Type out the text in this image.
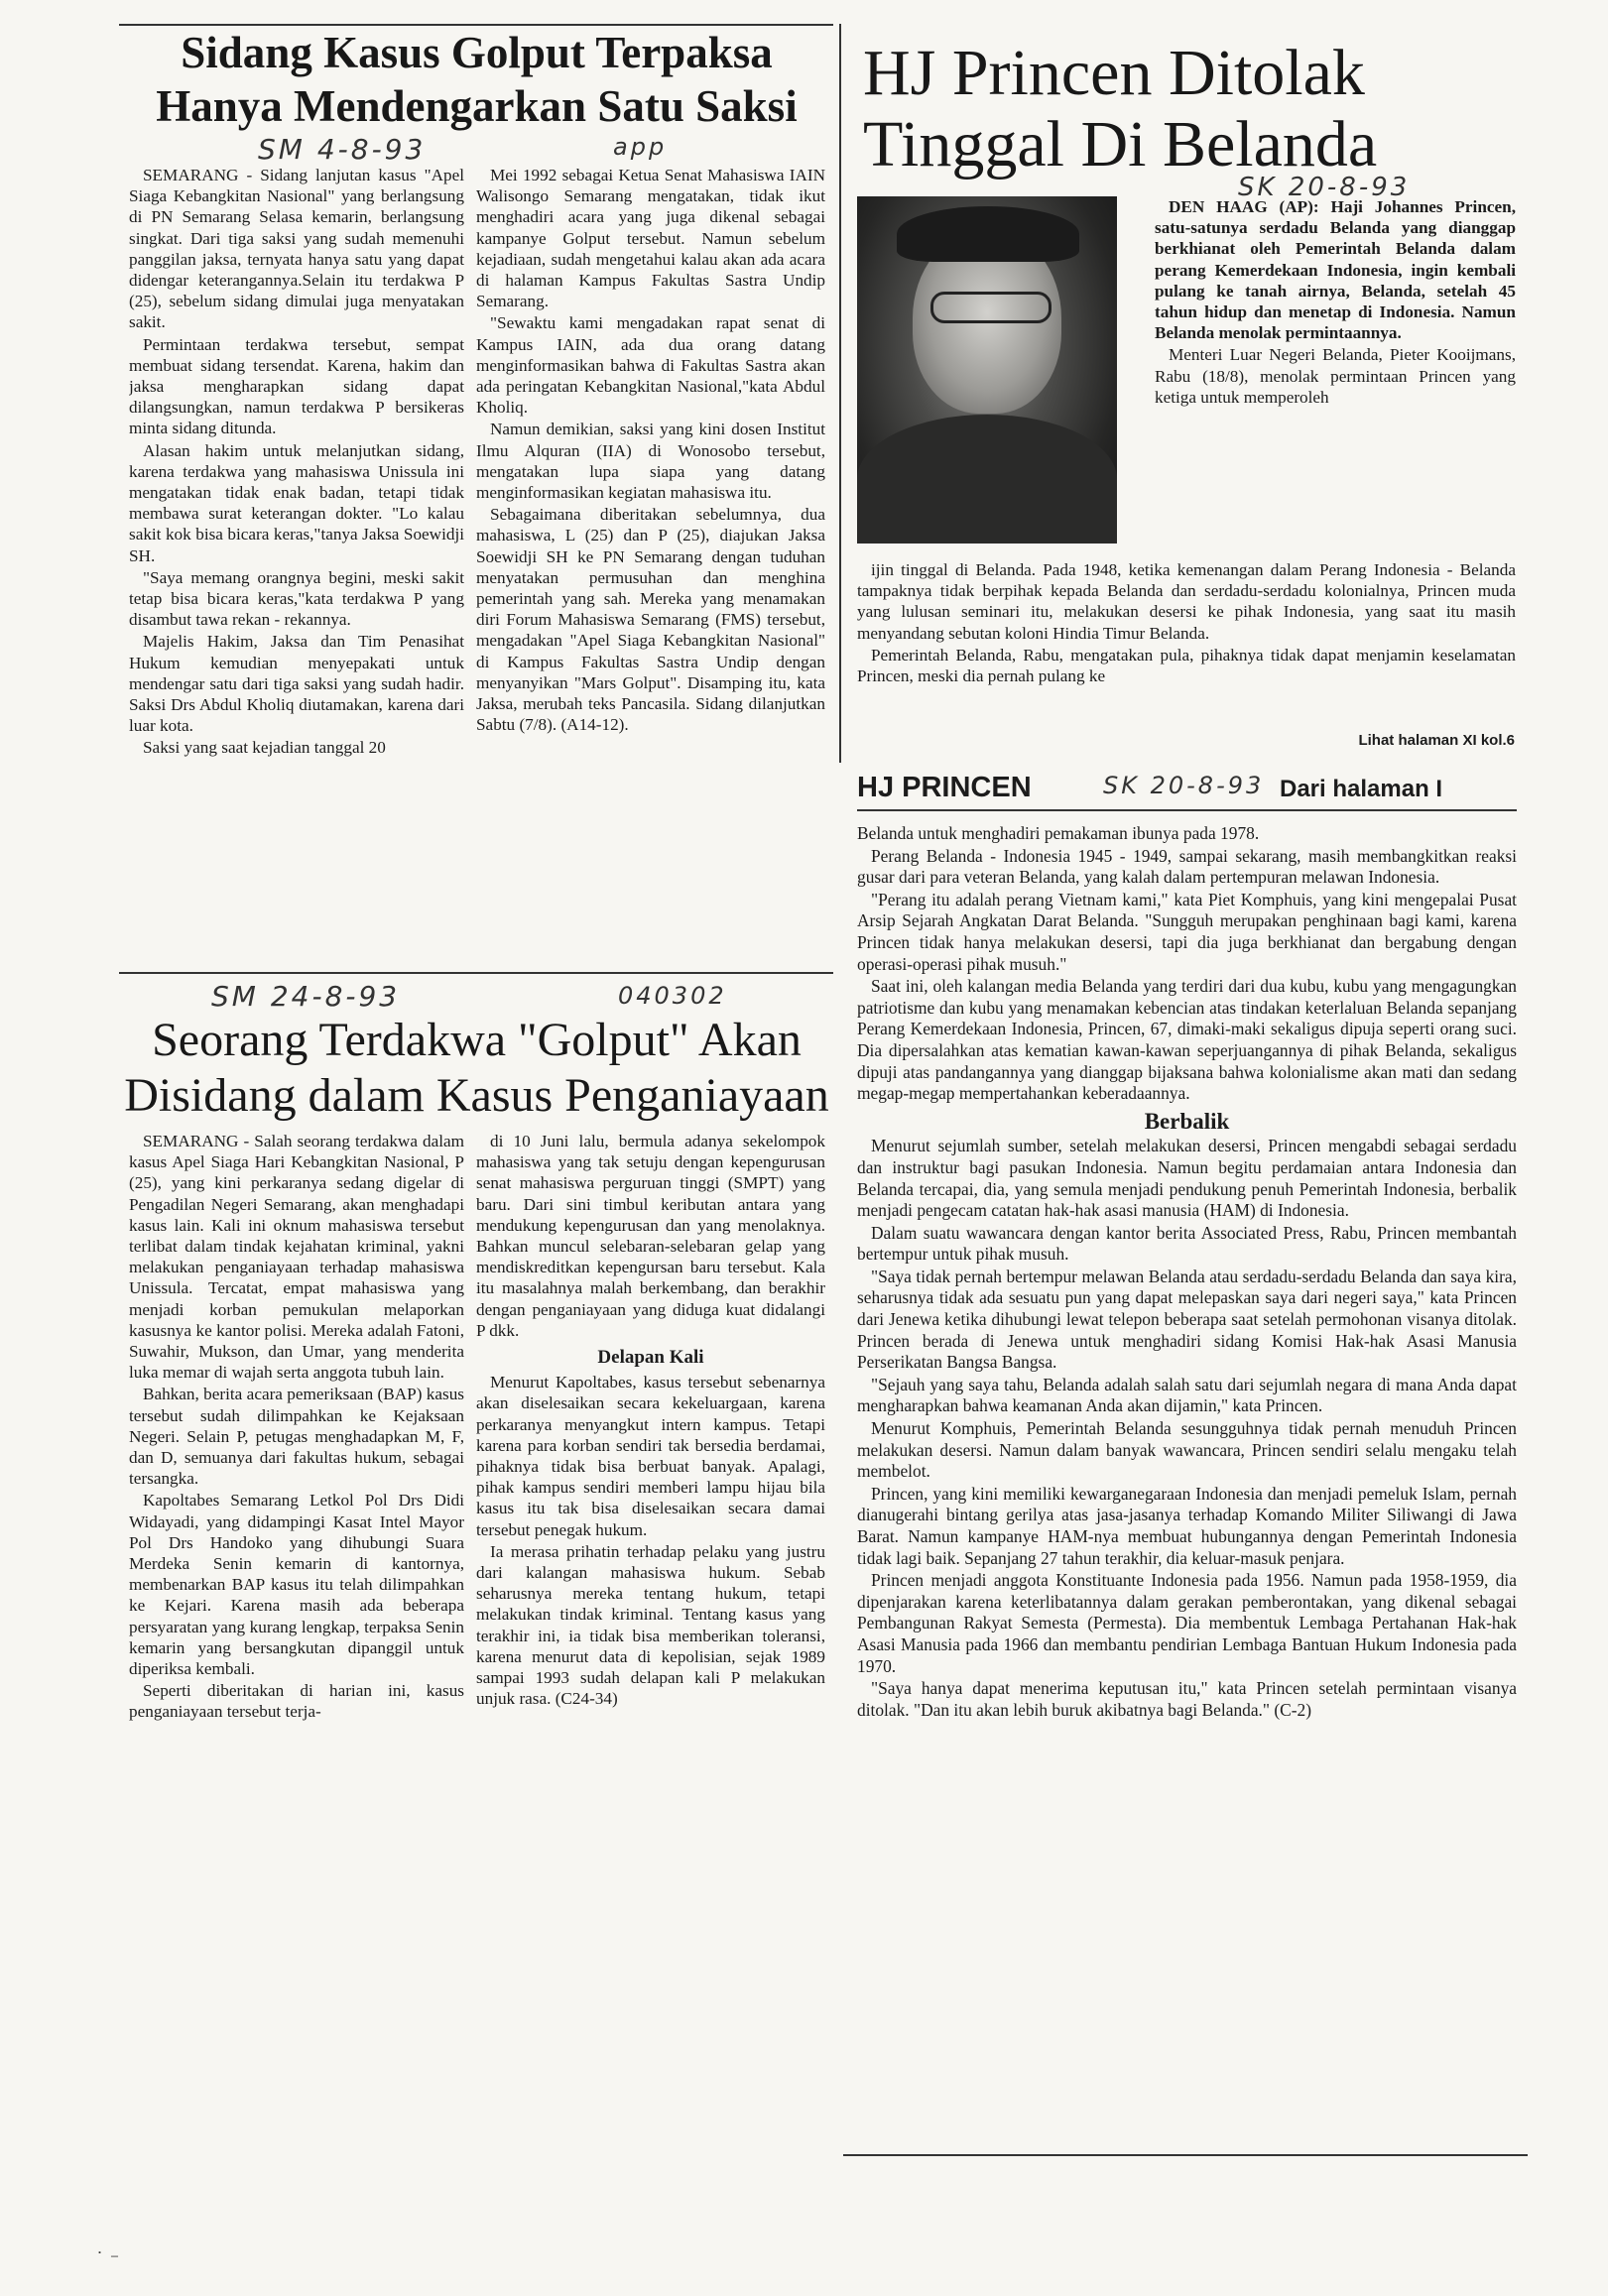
Sidang Kasus Golput Terpaksa
Hanya Mendengarkan Satu Saksi
SM 4-8-93	app

SEMARANG - Sidang lanjutan kasus "Apel Siaga Kebangkitan Nasional" yang berlangsung di PN Semarang Selasa kemarin, berlangsung singkat. Dari tiga saksi yang sudah memenuhi panggilan jaksa, ternyata hanya satu yang dapat didengar keterangannya.Selain itu terdakwa P (25), sebelum sidang dimulai juga menyatakan sakit.

Permintaan terdakwa tersebut, sempat membuat sidang tersendat. Karena, hakim dan jaksa mengharapkan sidang dapat dilangsungkan, namun terdakwa P bersikeras minta sidang ditunda.

Alasan hakim untuk melanjutkan sidang, karena terdakwa yang mahasiswa Unissula ini mengatakan tidak enak badan, tetapi tidak membawa surat keterangan dokter. "Lo kalau sakit kok bisa bicara keras,"tanya Jaksa Soewidji SH.

"Saya memang orangnya begini, meski sakit tetap bisa bicara keras,"kata terdakwa P yang disambut tawa rekan - rekannya.

Majelis Hakim, Jaksa dan Tim Penasihat Hukum kemudian menyepakati untuk mendengar satu dari tiga saksi yang sudah hadir. Saksi Drs Abdul Kholiq diutamakan, karena dari luar kota.

Saksi yang saat kejadian tanggal 20

Mei 1992 sebagai Ketua Senat Mahasiswa IAIN Walisongo Semarang mengatakan, tidak ikut menghadiri acara yang juga dikenal sebagai kampanye Golput tersebut. Namun sebelum kejadiaan, sudah mengetahui kalau akan ada acara di halaman Kampus Fakultas Sastra Undip Semarang.

"Sewaktu kami mengadakan rapat senat di Kampus IAIN, ada dua orang datang menginformasikan bahwa di Fakultas Sastra akan ada peringatan Kebangkitan Nasional,"kata Abdul Kholiq.

Namun demikian, saksi yang kini dosen Institut Ilmu Alquran (IIA) di Wonosobo tersebut, mengatakan lupa siapa yang datang menginformasikan kegiatan mahasiswa itu.

Sebagaimana diberitakan sebelumnya, dua mahasiswa, L (25) dan P (25), diajukan Jaksa Soewidji SH ke PN Semarang dengan tuduhan menyatakan permusuhan dan menghina pemerintah yang sah. Mereka yang menamakan diri Forum Mahasiswa Semarang (FMS) tersebut, mengadakan "Apel Siaga Kebangkitan Nasional" di Kampus Fakultas Sastra Undip dengan menyanyikan "Mars Golput". Disamping itu, kata Jaksa, merubah teks Pancasila. Sidang dilanjutkan Sabtu (7/8). (A14-12).

SM 24-8-93	040302
Seorang Terdakwa "Golput" Akan
Disidang dalam Kasus Penganiayaan

SEMARANG - Salah seorang terdakwa dalam kasus Apel Siaga Hari Kebangkitan Nasional, P (25), yang kini perkaranya sedang digelar di Pengadilan Negeri Semarang, akan menghadapi kasus lain. Kali ini oknum mahasiswa tersebut terlibat dalam tindak kejahatan kriminal, yakni melakukan penganiayaan terhadap mahasiswa Unissula. Tercatat, empat mahasiswa yang menjadi korban pemukulan melaporkan kasusnya ke kantor polisi. Mereka adalah Fatoni, Suwahir, Mukson, dan Umar, yang menderita luka memar di wajah serta anggota tubuh lain.

Bahkan, berita acara pemeriksaan (BAP) kasus tersebut sudah dilimpahkan ke Kejaksaan Negeri. Selain P, petugas menghadapkan M, F, dan D, semuanya dari fakultas hukum, sebagai tersangka.

Kapoltabes Semarang Letkol Pol Drs Didi Widayadi, yang didampingi Kasat Intel Mayor Pol Drs Handoko yang dihubungi Suara Merdeka Senin kemarin di kantornya, membenarkan BAP kasus itu telah dilimpahkan ke Kejari. Karena masih ada beberapa persyaratan yang kurang lengkap, terpaksa Senin kemarin yang bersangkutan dipanggil untuk diperiksa kembali.

Seperti diberitakan di harian ini, kasus penganiayaan tersebut terja-

di 10 Juni lalu, bermula adanya sekelompok mahasiswa yang tak setuju dengan kepengurusan senat mahasiswa perguruan tinggi (SMPT) yang baru. Dari sini timbul keributan antara yang mendukung kepengurusan dan yang menolaknya. Bahkan muncul selebaran-selebaran gelap yang mendiskreditkan kepengursan baru tersebut. Kala itu masalahnya malah berkembang, dan berakhir dengan penganiayaan yang diduga kuat didalangi P dkk.

Delapan Kali

Menurut Kapoltabes, kasus tersebut sebenarnya akan diselesaikan secara kekeluargaan, karena perkaranya menyangkut intern kampus. Tetapi karena para korban sendiri tak bersedia berdamai, pihaknya tidak bisa berbuat banyak. Apalagi, pihak kampus sendiri memberi lampu hijau bila kasus itu tak bisa diselesaikan secara damai tersebut penegak hukum.

Ia merasa prihatin terhadap pelaku yang justru dari kalangan mahasiswa hukum. Sebab seharusnya mereka tentang hukum, tetapi melakukan tindak kriminal. Tentang kasus yang terakhir ini, ia tidak bisa memberikan toleransi, karena menurut data di kepolisian, sejak 1989 sampai 1993 sudah delapan kali P melakukan unjuk rasa. (C24-34)

HJ Princen Ditolak
Tinggal Di Belanda
SK 20-8-93

DEN HAAG (AP): Haji Johannes Princen, satu-satunya serdadu Belanda yang dianggap berkhianat oleh Pemerintah Belanda dalam perang Kemerdekaan Indonesia, ingin kembali pulang ke tanah airnya, Belanda, setelah 45 tahun hidup dan menetap di Indonesia. Namun Belanda menolak permintaannya.

Menteri Luar Negeri Belanda, Pieter Kooijmans, Rabu (18/8), menolak permintaan Princen yang ketiga untuk memperoleh

ijin tinggal di Belanda. Pada 1948, ketika kemenangan dalam Perang Indonesia - Belanda tampaknya tidak berpihak kepada Belanda dan serdadu-serdadu kolonialnya, Princen muda yang lulusan seminari itu, melakukan desersi ke pihak Indonesia, yang saat itu masih menyandang sebutan koloni Hindia Timur Belanda.

Pemerintah Belanda, Rabu, mengatakan pula, pihaknya tidak dapat menjamin keselamatan Princen, meski dia pernah pulang ke

Lihat halaman XI kol.6
HJ PRINCEN	SK 20-8-93 Dari halaman I

Belanda untuk menghadiri pemakaman ibunya pada 1978.

Perang Belanda - Indonesia 1945 - 1949, sampai sekarang, masih membangkitkan reaksi gusar dari para veteran Belanda, yang kalah dalam pertempuran melawan Indonesia.

"Perang itu adalah perang Vietnam kami," kata Piet Komphuis, yang kini mengepalai Pusat Arsip Sejarah Angkatan Darat Belanda. "Sungguh merupakan penghinaan bagi kami, karena Princen tidak hanya melakukan desersi, tapi dia juga berkhianat dan bergabung dengan operasi-operasi pihak musuh."

Saat ini, oleh kalangan media Belanda yang terdiri dari dua kubu, kubu yang mengagungkan patriotisme dan kubu yang menamakan kebencian atas tindakan keterlaluan Belanda sepanjang Perang Kemerdekaan Indonesia, Princen, 67, dimaki-maki sekaligus dipuja seperti orang suci. Dia dipersalahkan atas kematian kawan-kawan seperjuangannya di pihak Belanda, sekaligus dipuji atas pandangannya yang dianggap bijaksana bahwa kolonialisme akan mati dan sedang megap-megap mempertahankan keberadaannya.

Berbalik

Menurut sejumlah sumber, setelah melakukan desersi, Princen mengabdi sebagai serdadu dan instruktur bagi pasukan Indonesia. Namun begitu perdamaian antara Indonesia dan Belanda tercapai, dia, yang semula menjadi pendukung penuh Pemerintah Indonesia, berbalik menjadi pengecam catatan hak-hak asasi manusia (HAM) di Indonesia.

Dalam suatu wawancara dengan kantor berita Associated Press, Rabu, Princen membantah bertempur untuk pihak musuh.

"Saya tidak pernah bertempur melawan Belanda atau serdadu-serdadu Belanda dan saya kira, seharusnya tidak ada sesuatu pun yang dapat melepaskan saya dari negeri saya," kata Princen dari Jenewa ketika dihubungi lewat telepon beberapa saat setelah permohonan visanya ditolak. Princen berada di Jenewa untuk menghadiri sidang Komisi Hak-hak Asasi Manusia Perserikatan Bangsa Bangsa.

"Sejauh yang saya tahu, Belanda adalah salah satu dari sejumlah negara di mana Anda dapat mengharapkan bahwa keamanan Anda akan dijamin," kata Princen.

Menurut Komphuis, Pemerintah Belanda sesungguhnya tidak pernah menuduh Princen melakukan desersi. Namun dalam banyak wawancara, Princen sendiri selalu mengaku telah membelot.

Princen, yang kini memiliki kewarganegaraan Indonesia dan menjadi pemeluk Islam, pernah dianugerahi bintang gerilya atas jasa-jasanya terhadap Komando Militer Siliwangi di Jawa Barat. Namun kampanye HAM-nya membuat hubungannya dengan Pemerintah Indonesia tidak lagi baik. Sepanjang 27 tahun terakhir, dia keluar-masuk penjara.

Princen menjadi anggota Konstituante Indonesia pada 1956. Namun pada 1958-1959, dia dipenjarakan karena keterlibatannya dalam gerakan pemberontakan, yang dikenal sebagai Pembangunan Rakyat Semesta (Permesta). Dia membentuk Lembaga Pertahanan Hak-hak Asasi Manusia pada 1966 dan membantu pendirian Lembaga Bantuan Hukum Indonesia pada 1970.

"Saya hanya dapat menerima keputusan itu," kata Princen setelah permintaan visanya ditolak. "Dan itu akan lebih buruk akibatnya bagi Belanda." (C-2)

˙ ⁻
